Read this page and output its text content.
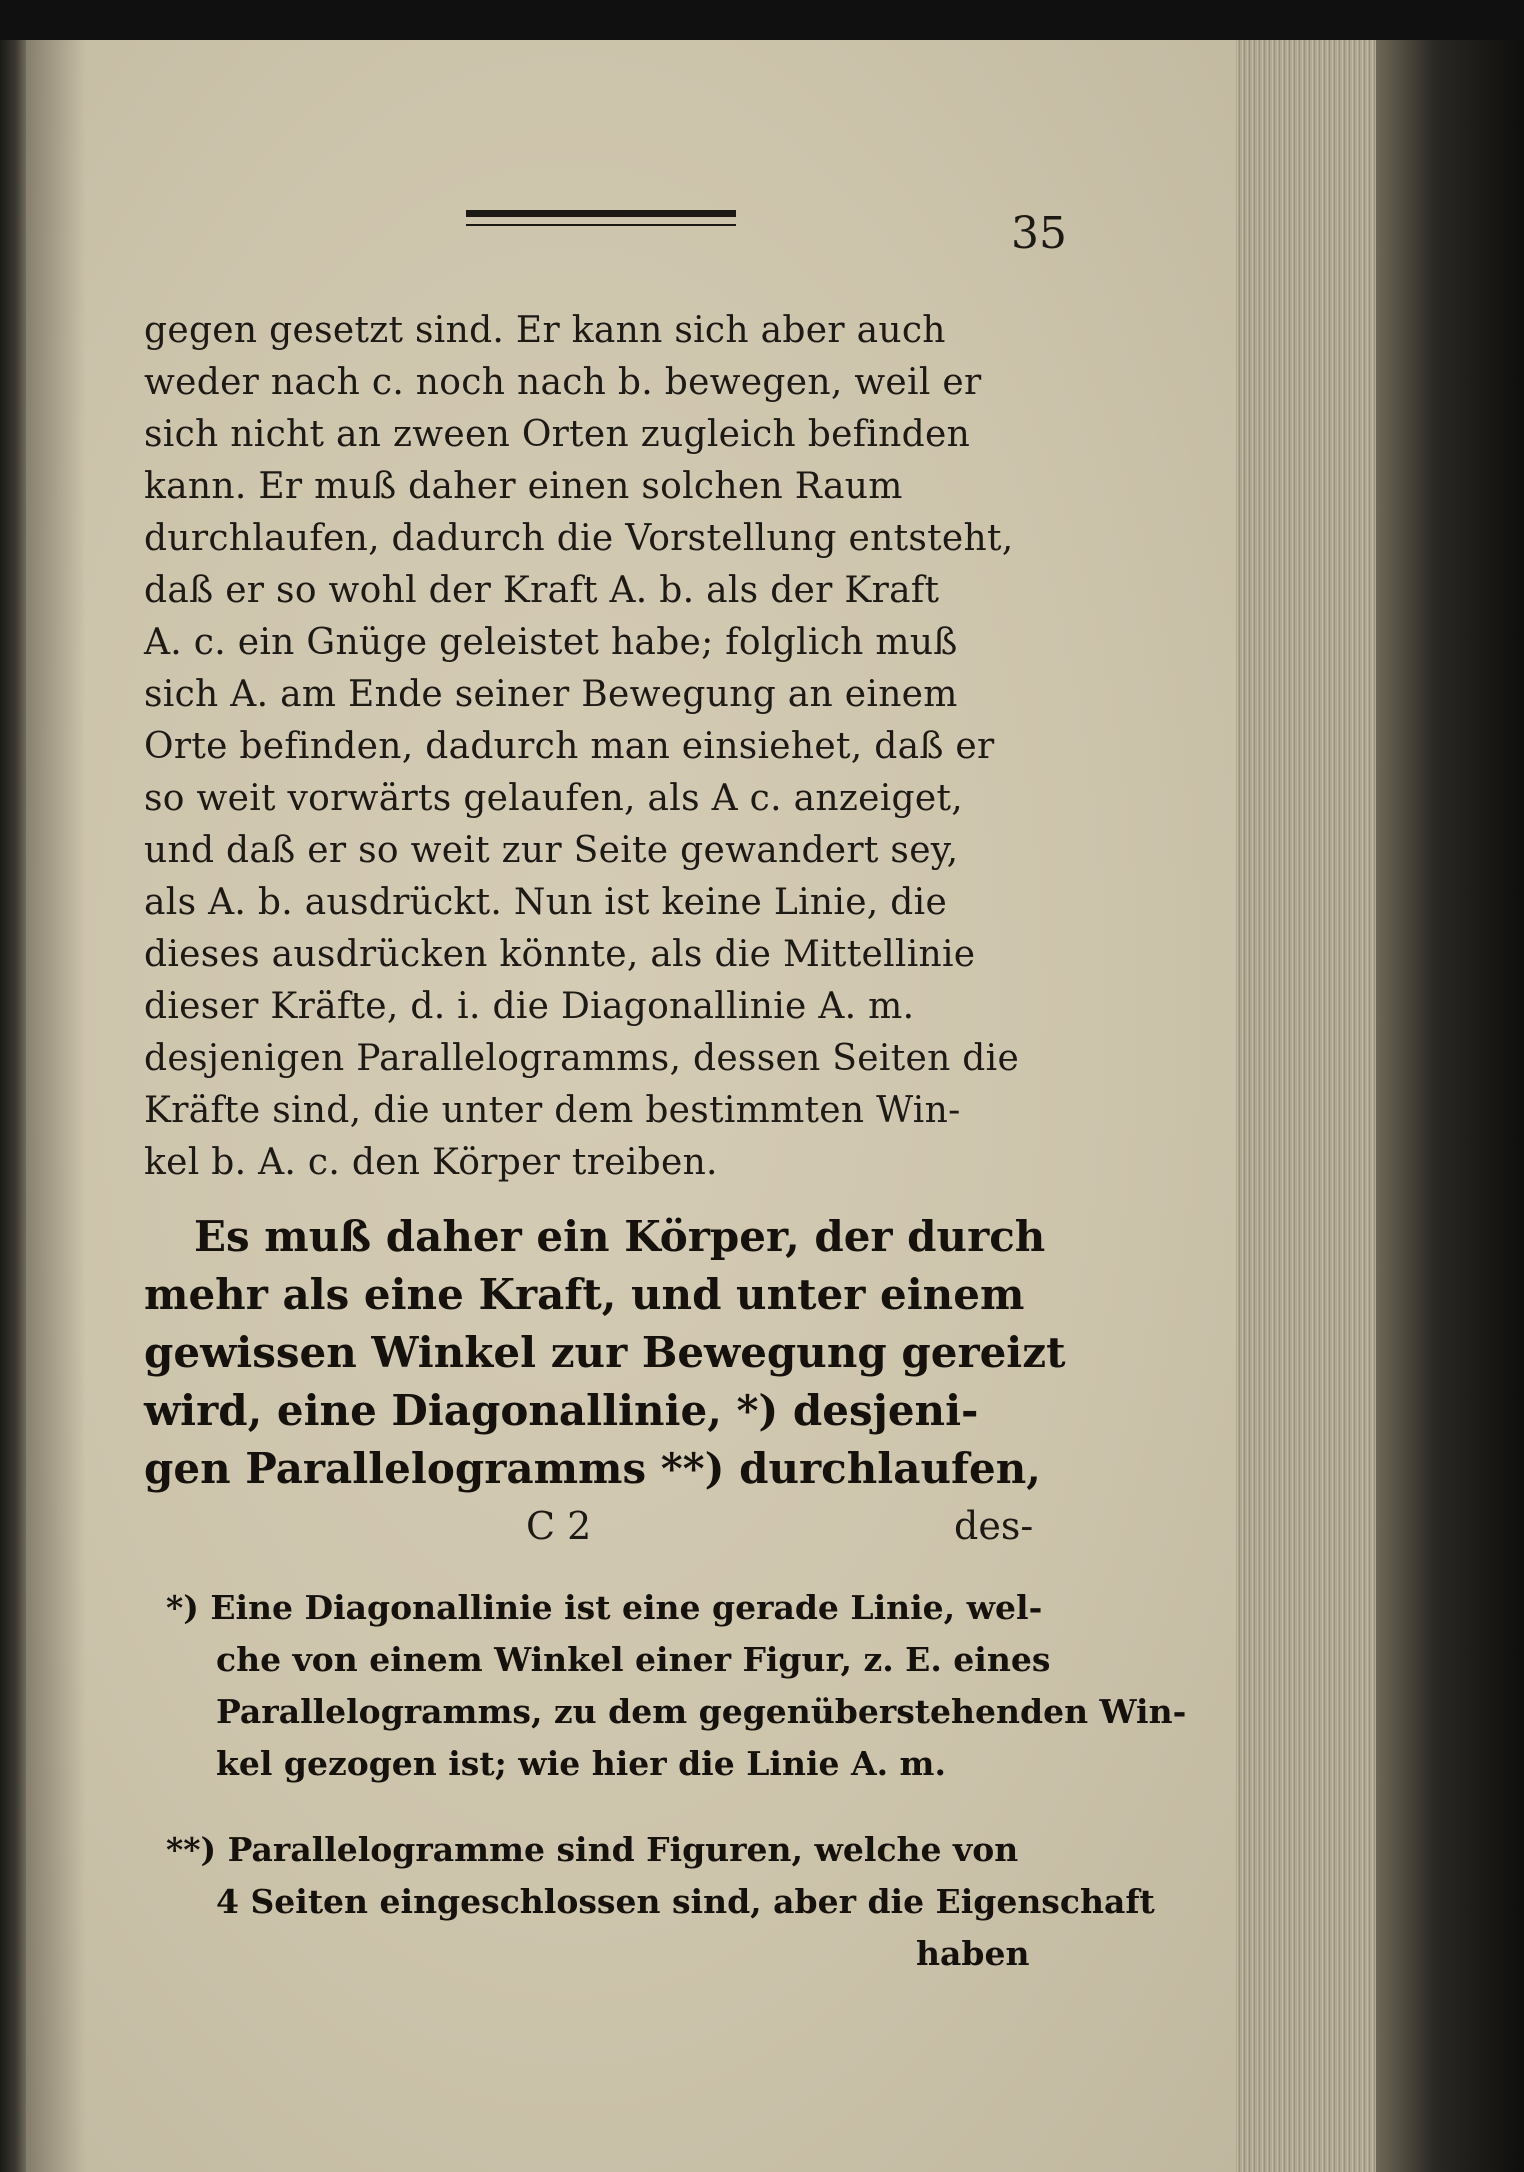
35
gegen gesetzt sind. Er kann sich aber auch
weder nach c. noch nach b. bewegen, weil er
sich nicht an zween Orten zugleich befinden
kann. Er muß daher einen solchen Raum
durchlaufen, dadurch die Vorstellung entsteht,
daß er so wohl der Kraft A. b. als der Kraft
A. c. ein Gnüge geleistet habe; folglich muß
sich A. am Ende seiner Bewegung an einem
Orte befinden, dadurch man einsiehet, daß er
so weit vorwärts gelaufen, als A c. anzeiget,
und daß er so weit zur Seite gewandert sey,
als A. b. ausdrückt. Nun ist keine Linie, die
dieses ausdrücken könnte, als die Mittellinie
dieser Kräfte, d. i. die Diagonallinie A. m.
desjenigen Parallelogramms, dessen Seiten die
Kräfte sind, die unter dem bestimmten Win-
kel b. A. c. den Körper treiben.
Es muß daher ein Körper, der durch
mehr als eine Kraft, und unter einem
gewissen Winkel zur Bewegung gereizt
wird, eine Diagonallinie, *) desjeni-
gen Parallelogramms **) durchlaufen,
C 2	des-
*) Eine Diagonallinie ist eine gerade Linie, wel-
che von einem Winkel einer Figur, z. E. eines
Parallelogramms, zu dem gegenüberstehenden Win-
kel gezogen ist; wie hier die Linie A. m.
**) Parallelogramme sind Figuren, welche von
4 Seiten eingeschlossen sind, aber die Eigenschaft
haben
